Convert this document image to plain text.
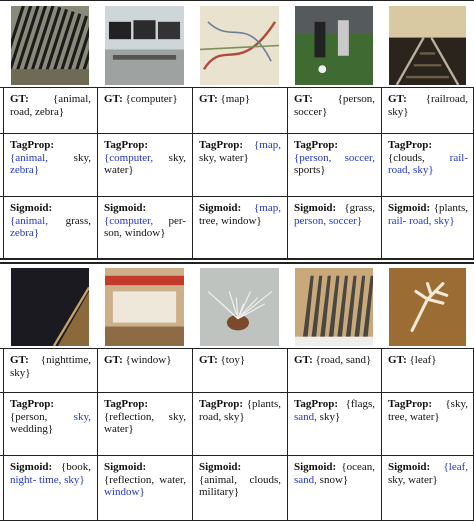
GT: {animal, road, zebra}
TagProp: {animal, sky, zebra}
Sigmoid: {animal, grass, zebra}
GT: {computer}
TagProp: {computer, sky, water}
Sigmoid: {computer, per- son, window}
GT: {map}
TagProp: {map, sky, water}
Sigmoid: {map, tree, window}
GT: {person, soccer}
TagProp: {person, soccer, sports}
Sigmoid: {grass, person, soccer}
GT: {railroad, sky}
TagProp: {clouds, rail- road, sky}
Sigmoid: {plants, rail- road, sky}
GT: {nighttime, sky}
TagProp: {person, sky, wedding}
Sigmoid: {book, night- time, sky}
GT: {window}
TagProp: {reflection, sky, water}
Sigmoid: {reflection, water, window}
GT: {toy}
TagProp: {plants, road, sky}
Sigmoid: {animal, clouds, military}
GT: {road, sand}
TagProp: {flags, sand, sky}
Sigmoid: {ocean, sand, snow}
GT: {leaf}
TagProp: {sky, tree, water}
Sigmoid: {leaf, sky, water}
